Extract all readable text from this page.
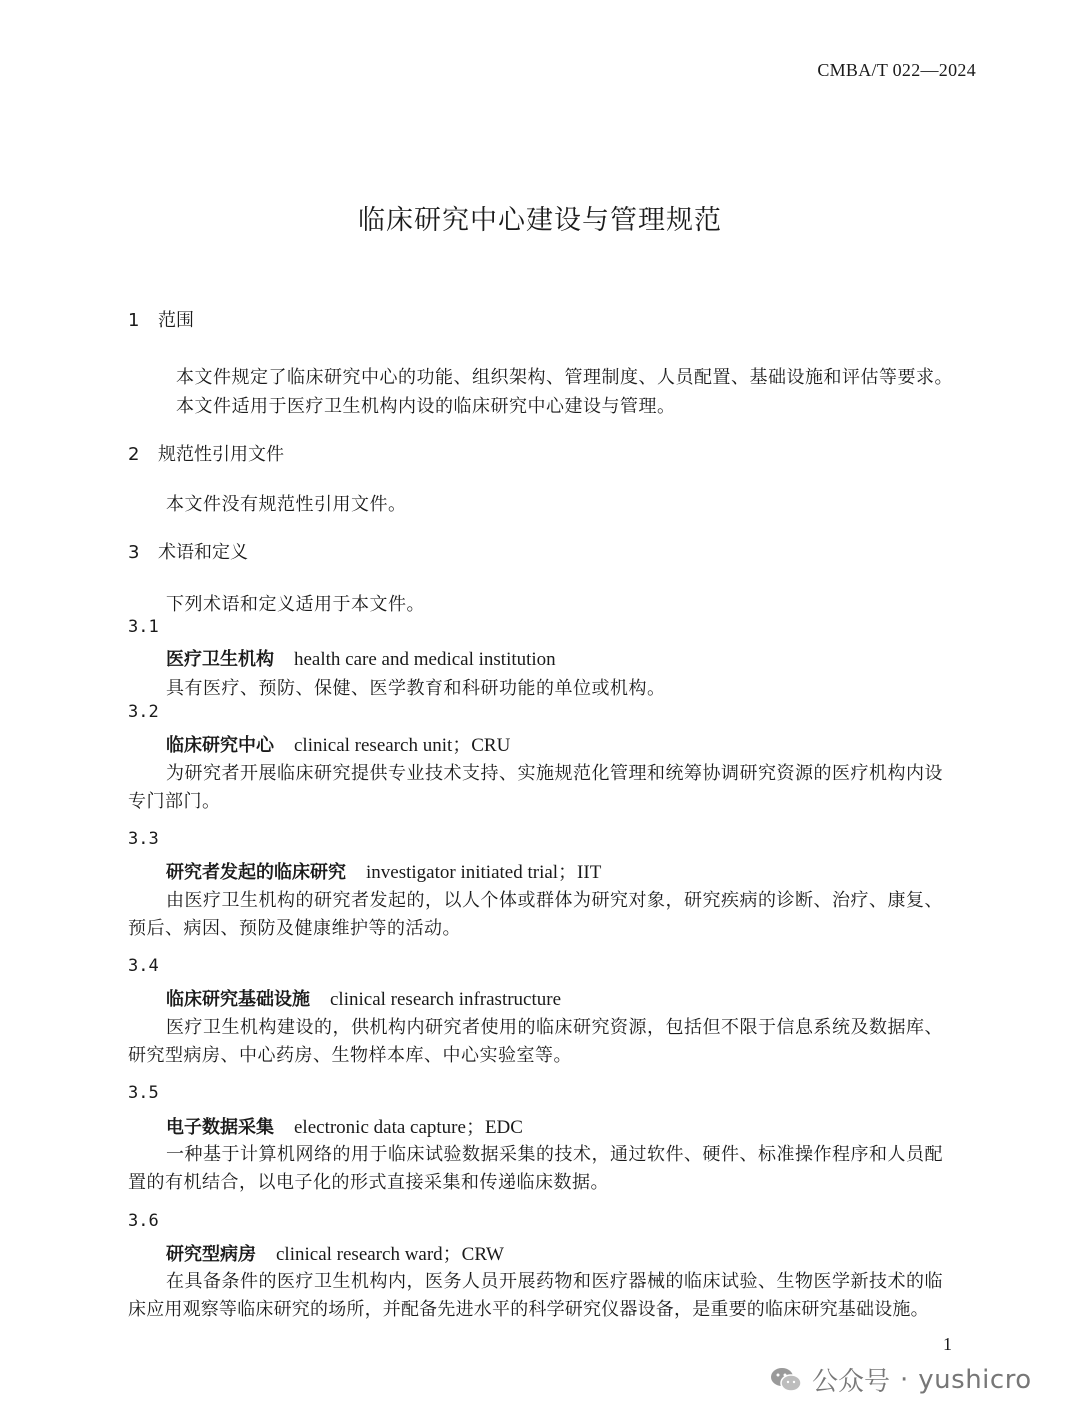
CMBA/T 022—2024
临床研究中心建设与管理规范
1 范围
本文件规定了临床研究中心的功能、组织架构、管理制度、人员配置、基础设施和评估等要求。
本文件适用于医疗卫生机构内设的临床研究中心建设与管理。
2 规范性引用文件
本文件没有规范性引用文件。
3 术语和定义
下列术语和定义适用于本文件。
3.1
医疗卫生机构 health care and medical institution
具有医疗、预防、保健、医学教育和科研功能的单位或机构。
3.2
临床研究中心 clinical research unit；CRU
为研究者开展临床研究提供专业技术支持、实施规范化管理和统筹协调研究资源的医疗机构内设
专门部门。
3.3
研究者发起的临床研究 investigator initiated trial；IIT
由医疗卫生机构的研究者发起的，以人个体或群体为研究对象，研究疾病的诊断、治疗、康复、
预后、病因、预防及健康维护等的活动。
3.4
临床研究基础设施 clinical research infrastructure
医疗卫生机构建设的，供机构内研究者使用的临床研究资源，包括但不限于信息系统及数据库、
研究型病房、中心药房、生物样本库、中心实验室等。
3.5
电子数据采集 electronic data capture；EDC
一种基于计算机网络的用于临床试验数据采集的技术，通过软件、硬件、标准操作程序和人员配
置的有机结合，以电子化的形式直接采集和传递临床数据。
3.6
研究型病房 clinical research ward；CRW
在具备条件的医疗卫生机构内，医务人员开展药物和医疗器械的临床试验、生物医学新技术的临
床应用观察等临床研究的场所，并配备先进水平的科学研究仪器设备，是重要的临床研究基础设施。
1
公众号 · yushicro
